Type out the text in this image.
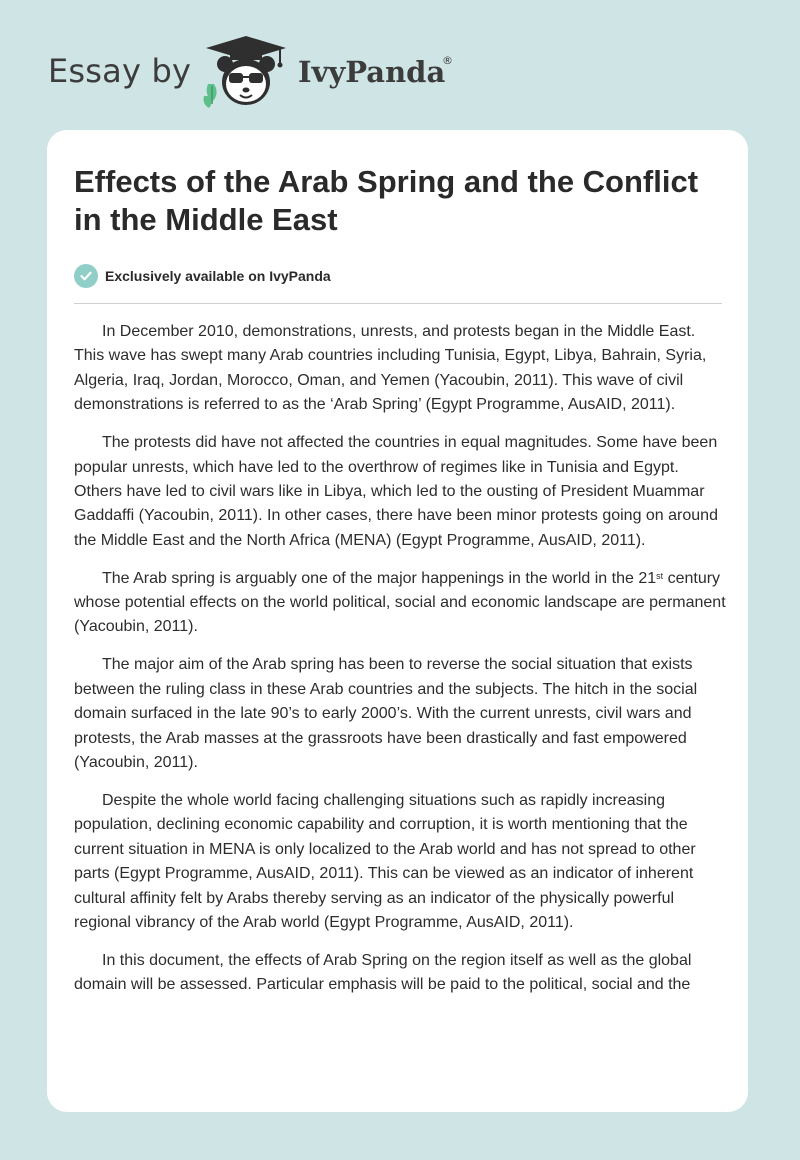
Essay by	IvyPanda
®
Effects of the Arab Spring and the Conflict in the Middle East
Exclusively available on IvyPanda

In December 2010, demonstrations, unrests, and protests began in the Middle East. This wave has swept many Arab countries including Tunisia, Egypt, Libya, Bahrain, Syria, Algeria, Iraq, Jordan, Morocco, Oman, and Yemen (Yacoubin, 2011). This wave of civil demonstrations is referred to as the ‘Arab Spring’ (Egypt Programme, AusAID, 2011).

The protests did have not affected the countries in equal magnitudes. Some have been popular unrests, which have led to the overthrow of regimes like in Tunisia and Egypt. Others have led to civil wars like in Libya, which led to the ousting of President Muammar Gaddaffi (Yacoubin, 2011). In other cases, there have been minor protests going on around the Middle East and the North Africa (MENA) (Egypt Programme, AusAID, 2011).

The Arab spring is arguably one of the major happenings in the world in the 21st century whose potential effects on the world political, social and economic landscape are permanent (Yacoubin, 2011).

The major aim of the Arab spring has been to reverse the social situation that exists between the ruling class in these Arab countries and the subjects. The hitch in the social domain surfaced in the late 90’s to early 2000’s. With the current unrests, civil wars and protests, the Arab masses at the grassroots have been drastically and fast empowered (Yacoubin, 2011).

Despite the whole world facing challenging situations such as rapidly increasing population, declining economic capability and corruption, it is worth mentioning that the current situation in MENA is only localized to the Arab world and has not spread to other parts (Egypt Programme, AusAID, 2011). This can be viewed as an indicator of inherent cultural affinity felt by Arabs thereby serving as an indicator of the physically powerful regional vibrancy of the Arab world (Egypt Programme, AusAID, 2011).

In this document, the effects of Arab Spring on the region itself as well as the global domain will be assessed. Particular emphasis will be paid to the political, social and the
